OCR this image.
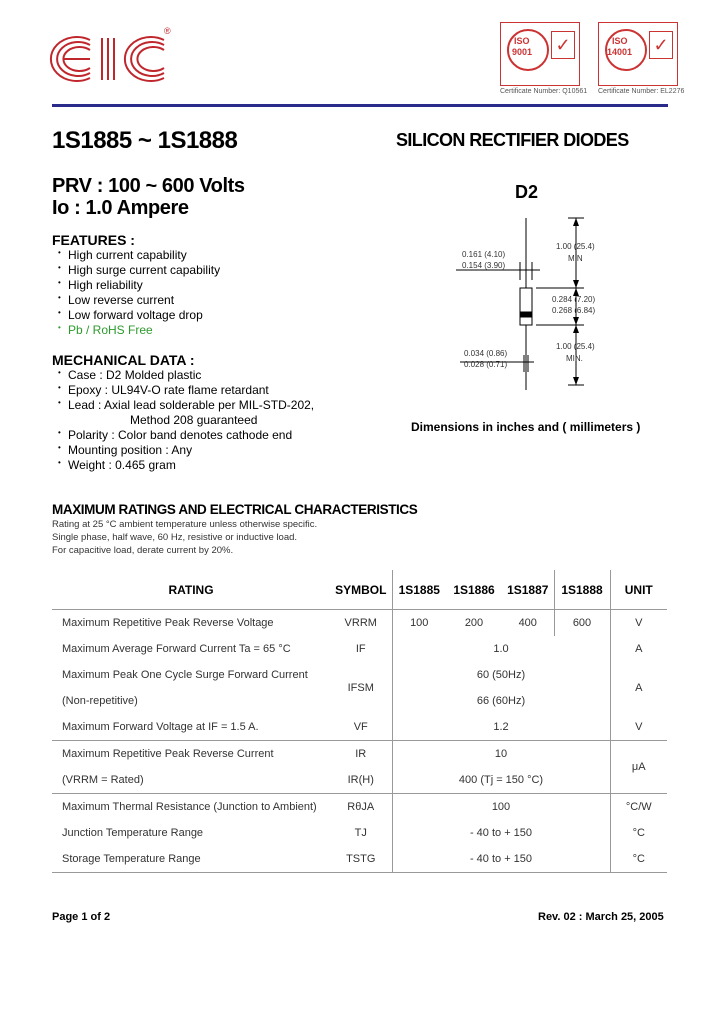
®
ISO
9001 ✓
Certificate Number: Q10561
ISO
14001 ✓
Certificate Number: EL2276
1S1885 ~ 1S1888	SILICON RECTIFIER DIODES
PRV : 100 ~ 600 Volts
Io : 1.0 Ampere
FEATURES :
• High current capability
• High surge current capability
• High reliability
• Low reverse current
• Low forward voltage drop
• Pb / RoHS Free
MECHANICAL DATA :
• Case : D2 Molded plastic
• Epoxy : UL94V-O rate flame retardant
• Lead : Axial lead solderable per MIL-STD-202,
Method 208 guaranteed
• Polarity : Color band denotes cathode end
• Mounting position : Any
• Weight : 0.465 gram
D2
0.161 (4.10)
0.154 (3.90)
1.00 (25.4)
MIN
0.284 (7.20)
0.268 (6.84)
0.034 (0.86)
0.028 (0.71)
1.00 (25.4)
MIN.
Dimensions in inches and ( millimeters )
MAXIMUM RATINGS AND ELECTRICAL CHARACTERISTICS
Rating at 25 °C ambient temperature unless otherwise specific.
Single phase, half wave, 60 Hz, resistive or inductive load.
For capacitive load, derate current by 20%.
RATING	SYMBOL	1S1885	1S1886	1S1887	1S1888	UNIT
Maximum Repetitive Peak Reverse Voltage	VRRM	100	200	400	600	V
Maximum Average Forward Current Ta = 65 °C	IF	1.0				A
Maximum Peak One Cycle Surge Forward Current	IFSM	60 (50Hz)				A
(Non-repetitive)		66 (60Hz)				
Maximum Forward Voltage at IF = 1.5 A.	VF	1.2				V
Maximum Repetitive Peak Reverse Current	IR	10				μA
(VRRM = Rated)	IR(H)	400 (Tj = 150 °C)				
Maximum Thermal Resistance (Junction to Ambient)	RθJA	100				°C/W
Junction Temperature Range	TJ	- 40 to + 150				°C
Storage Temperature Range	TSTG	- 40 to + 150				°C
Page 1 of 2	Rev. 02 : March 25, 2005
